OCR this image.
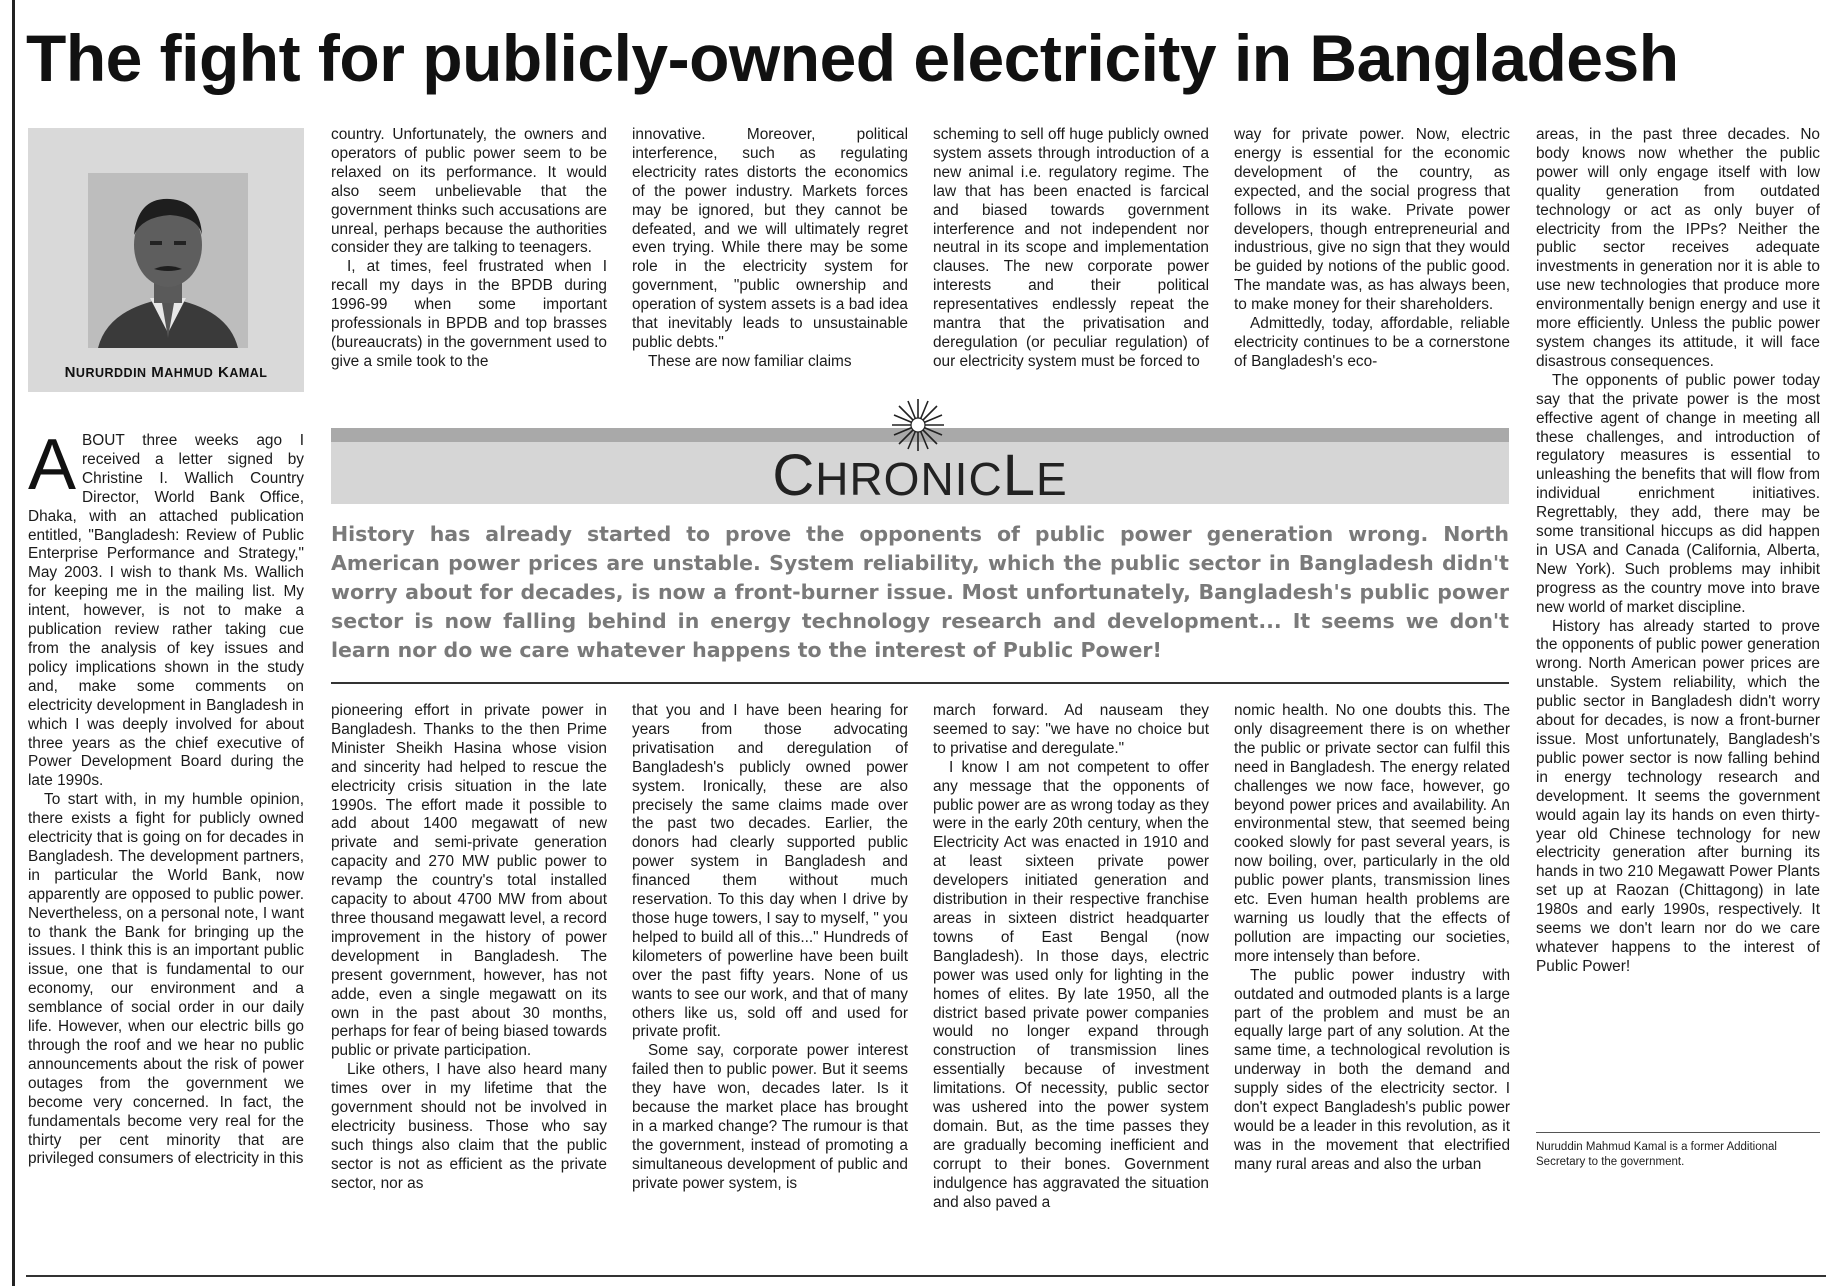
The fight for publicly-owned electricity in Bangladesh
NURURDDIN MAHMUD KAMAL

ABOUT three weeks ago I received a letter signed by Christine I. Wallich Country Director, World Bank Office, Dhaka, with an attached publication entitled, "Bangladesh: Review of Public Enterprise Performance and Strategy," May 2003. I wish to thank Ms. Wallich for keeping me in the mailing list. My intent, however, is not to make a publication review rather taking cue from the analysis of key issues and policy implications shown in the study and, make some comments on electricity development in Bangladesh in which I was deeply involved for about three years as the chief executive of Power Development Board during the late 1990s.

To start with, in my humble opinion, there exists a fight for publicly owned electricity that is going on for decades in Bangladesh. The development partners, in particular the World Bank, now apparently are opposed to public power. Nevertheless, on a personal note, I want to thank the Bank for bringing up the issues. I think this is an important public issue, one that is fundamental to our economy, our environment and a semblance of social order in our daily life. However, when our electric bills go through the roof and we hear no public announcements about the risk of power outages from the government we become very concerned. In fact, the fundamentals become very real for the thirty per cent minority that are privileged consumers of electricity in this

country. Unfortunately, the owners and operators of public power seem to be relaxed on its performance. It would also seem unbelievable that the government thinks such accusations are unreal, perhaps because the authorities consider they are talking to teenagers.

I, at times, feel frustrated when I recall my days in the BPDB during 1996-99 when some important professionals in BPDB and top brasses (bureaucrats) in the government used to give a smile took to the

innovative. Moreover, political interference, such as regulating electricity rates distorts the economics of the power industry. Markets forces may be ignored, but they cannot be defeated, and we will ultimately regret even trying. While there may be some role in the electricity system for government, "public ownership and operation of system assets is a bad idea that inevitably leads to unsustainable public debts."

These are now familiar claims

scheming to sell off huge publicly owned system assets through introduction of a new animal i.e. regulatory regime. The law that has been enacted is farcical and biased towards government interference and not independent nor neutral in its scope and implementation clauses. The new corporate power interests and their political representatives endlessly repeat the mantra that the privatisation and deregulation (or peculiar regulation) of our electricity system must be forced to

way for private power. Now, electric energy is essential for the economic development of the country, as expected, and the social progress that follows in its wake. Private power developers, though entrepreneurial and industrious, give no sign that they would be guided by notions of the public good. The mandate was, as has always been, to make money for their shareholders.

Admittedly, today, affordable, reliable electricity continues to be a cornerstone of Bangladesh's eco-

CHRONICLE

History has already started to prove the opponents of public power generation wrong. North American power prices are unstable. System reliability, which the public sector in Bangladesh didn't worry about for decades, is now a front-burner issue. Most unfortunately, Bangladesh's public power sector is now falling behind in energy technology research and development... It seems we don't learn nor do we care whatever happens to the interest of Public Power!

pioneering effort in private power in Bangladesh. Thanks to the then Prime Minister Sheikh Hasina whose vision and sincerity had helped to rescue the electricity crisis situation in the late 1990s. The effort made it possible to add about 1400 megawatt of new private and semi-private generation capacity and 270 MW public power to revamp the country's total installed capacity to about 4700 MW from about three thousand megawatt level, a record improvement in the history of power development in Bangladesh. The present government, however, has not adde, even a single megawatt on its own in the past about 30 months, perhaps for fear of being biased towards public or private participation.

Like others, I have also heard many times over in my lifetime that the government should not be involved in electricity business. Those who say such things also claim that the public sector is not as efficient as the private sector, nor as

that you and I have been hearing for years from those advocating privatisation and deregulation of Bangladesh's publicly owned power system. Ironically, these are also precisely the same claims made over the past two decades. Earlier, the donors had clearly supported public power system in Bangladesh and financed them without much reservation. To this day when I drive by those huge towers, I say to myself, " you helped to build all of this..." Hundreds of kilometers of powerline have been built over the past fifty years. None of us wants to see our work, and that of many others like us, sold off and used for private profit.

Some say, corporate power interest failed then to public power. But it seems they have won, decades later. Is it because the market place has brought in a marked change? The rumour is that the government, instead of promoting a simultaneous development of public and private power system, is

march forward. Ad nauseam they seemed to say: "we have no choice but to privatise and deregulate."

I know I am not competent to offer any message that the opponents of public power are as wrong today as they were in the early 20th century, when the Electricity Act was enacted in 1910 and at least sixteen private power developers initiated generation and distribution in their respective franchise areas in sixteen district headquarter towns of East Bengal (now Bangladesh). In those days, electric power was used only for lighting in the homes of elites. By late 1950, all the district based private power companies would no longer expand through construction of transmission lines essentially because of investment limitations. Of necessity, public sector was ushered into the power system domain. But, as the time passes they are gradually becoming inefficient and corrupt to their bones. Government indulgence has aggravated the situation and also paved a

nomic health. No one doubts this. The only disagreement there is on whether the public or private sector can fulfil this need in Bangladesh. The energy related challenges we now face, however, go beyond power prices and availability. An environmental stew, that seemed being cooked slowly for past several years, is now boiling, over, particularly in the old public power plants, transmission lines etc. Even human health problems are warning us loudly that the effects of pollution are impacting our societies, more intensely than before.

The public power industry with outdated and outmoded plants is a large part of the problem and must be an equally large part of any solution. At the same time, a technological revolution is underway in both the demand and supply sides of the electricity sector. I don't expect Bangladesh's public power would be a leader in this revolution, as it was in the movement that electrified many rural areas and also the urban

areas, in the past three decades. No body knows now whether the public power will only engage itself with low quality generation from outdated technology or act as only buyer of electricity from the IPPs? Neither the public sector receives adequate investments in generation nor it is able to use new technologies that produce more environmentally benign energy and use it more efficiently. Unless the public power system changes its attitude, it will face disastrous consequences.

The opponents of public power today say that the private power is the most effective agent of change in meeting all these challenges, and introduction of regulatory measures is essential to unleashing the benefits that will flow from individual enrichment initiatives. Regrettably, they add, there may be some transitional hiccups as did happen in USA and Canada (California, Alberta, New York). Such problems may inhibit progress as the country move into brave new world of market discipline.

History has already started to prove the opponents of public power generation wrong. North American power prices are unstable. System reliability, which the public sector in Bangladesh didn't worry about for decades, is now a front-burner issue. Most unfortunately, Bangladesh's public power sector is now falling behind in energy technology research and development. It seems the government would again lay its hands on even thirty-year old Chinese technology for new electricity generation after burning its hands in two 210 Megawatt Power Plants set up at Raozan (Chittagong) in late 1980s and early 1990s, respectively. It seems we don't learn nor do we care whatever happens to the interest of Public Power!

Nuruddin Mahmud Kamal is a former Additional Secretary to the government.
